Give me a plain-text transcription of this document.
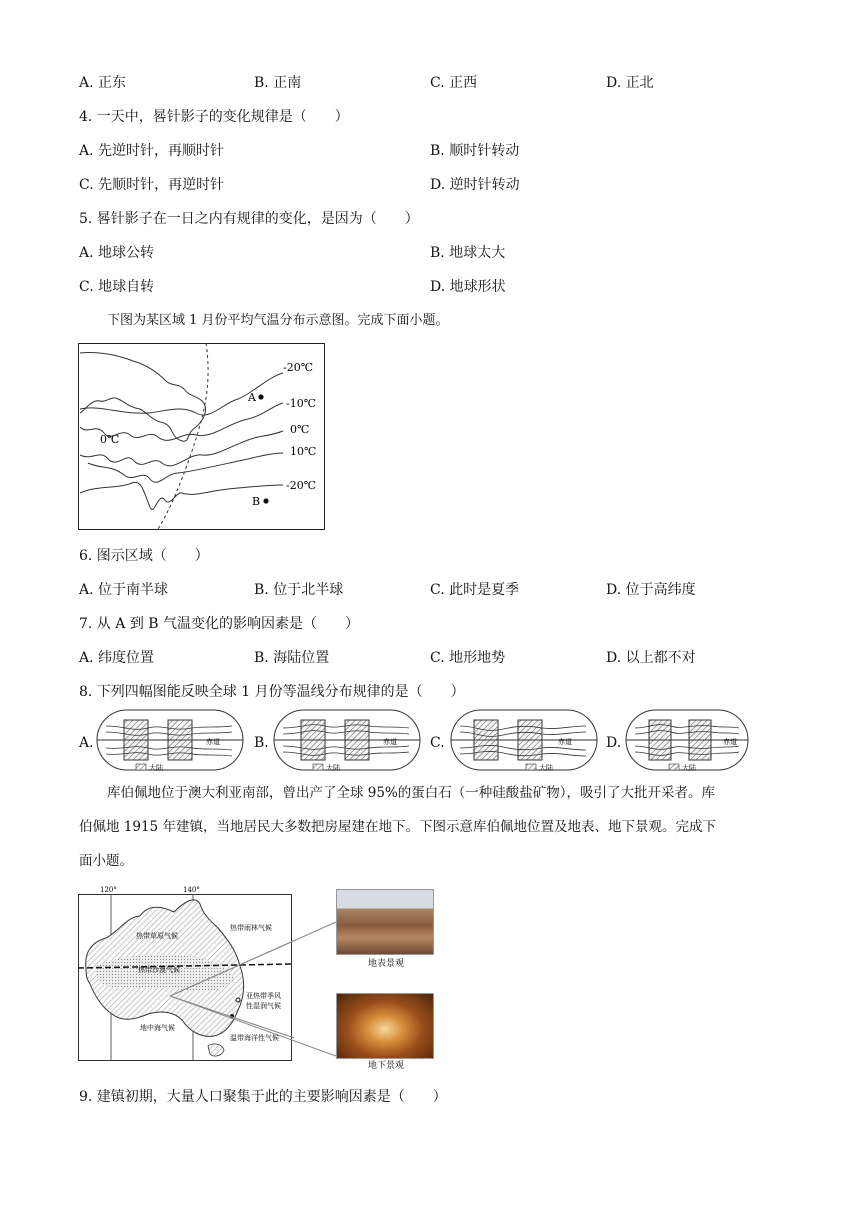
A. 正东	B. 正南	C. 正西	D. 正北
4. 一天中，晷针影子的变化规律是（　　）
A. 先逆时针，再顺时针	B. 顺时针转动
C. 先顺时针，再逆时针	D. 逆时针转动
5. 晷针影子在一日之内有规律的变化，是因为（　　）
A. 地球公转	B. 地球太大
C. 地球自转	D. 地球形状
下图为某区域 1 月份平均气温分布示意图。完成下面小题。
-20℃
-10℃
0℃
10℃
-20℃
0℃
A
B
6. 图示区域（　　）
A. 位于南半球	B. 位于北半球	C. 此时是夏季	D. 位于高纬度
7. 从 A 到 B 气温变化的影响因素是（　　）
A. 纬度位置	B. 海陆位置	C. 地形地势	D. 以上都不对
8. 下列四幅图能反映全球 1 月份等温线分布规律的是（　　）
A.	B.	C.	D.
赤道
大陆
赤道
大陆
赤道
大陆
赤道
大陆
库伯佩地位于澳大利亚南部，曾出产了全球 95%的蛋白石（一种硅酸盐矿物），吸引了大批开采者。库
伯佩地 1915 年建镇，当地居民大多数把房屋建在地下。下图示意库伯佩地位置及地表、地下景观。完成下
面小题。
120°	140°
热带草原气候
热带雨林气候
热带沙漠气候
亚热带季风
性湿润气候
地中海气候
温带海洋性气候
地表景观
地下景观
9. 建镇初期，大量人口聚集于此的主要影响因素是（　　）
